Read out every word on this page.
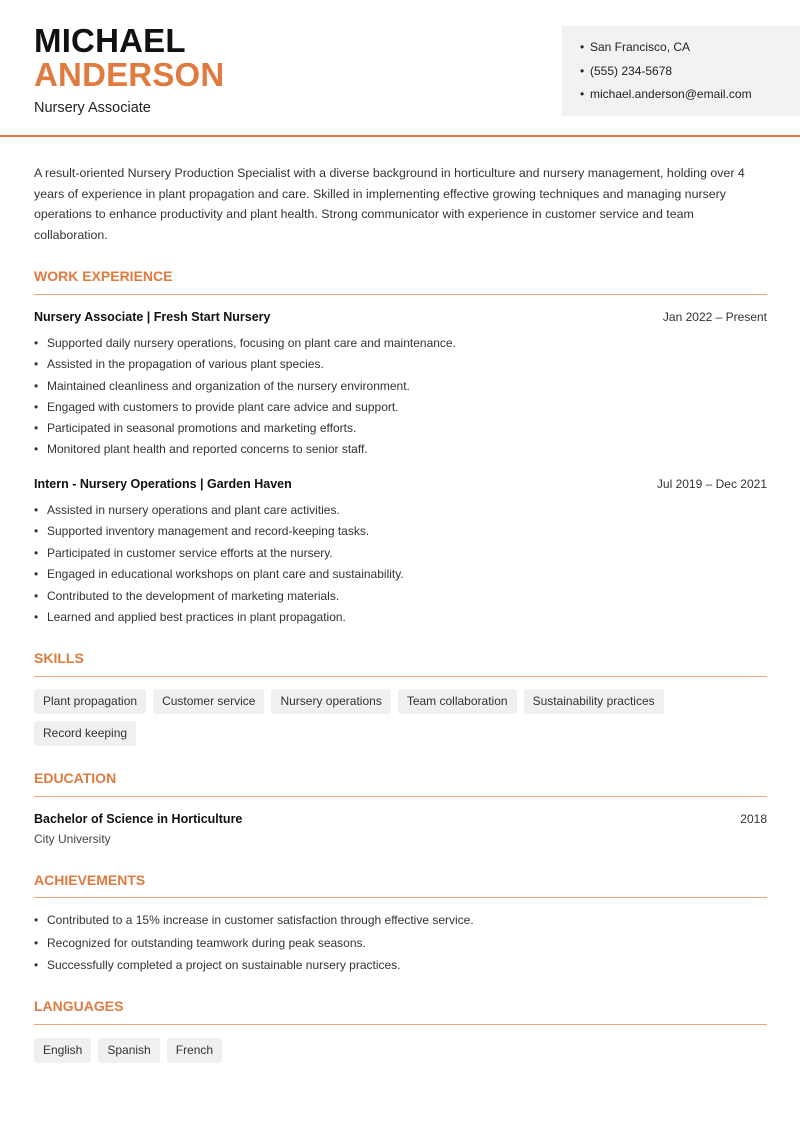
MICHAEL
ANDERSON
Nursery Associate
• San Francisco, CA
• (555) 234-5678
• michael.anderson@email.com

A result-oriented Nursery Production Specialist with a diverse background in horticulture and nursery management, holding over 4 years of experience in plant propagation and care. Skilled in implementing effective growing techniques and managing nursery operations to enhance productivity and plant health. Strong communicator with experience in customer service and team collaboration.

WORK EXPERIENCE
Nursery Associate | Fresh Start Nursery	Jan 2022 – Present
• Supported daily nursery operations, focusing on plant care and maintenance.
• Assisted in the propagation of various plant species.
• Maintained cleanliness and organization of the nursery environment.
• Engaged with customers to provide plant care advice and support.
• Participated in seasonal promotions and marketing efforts.
• Monitored plant health and reported concerns to senior staff.
Intern - Nursery Operations | Garden Haven	Jul 2019 – Dec 2021
• Assisted in nursery operations and plant care activities.
• Supported inventory management and record-keeping tasks.
• Participated in customer service efforts at the nursery.
• Engaged in educational workshops on plant care and sustainability.
• Contributed to the development of marketing materials.
• Learned and applied best practices in plant propagation.
SKILLS
Plant propagation	Customer service	Nursery operations	Team collaboration	Sustainability practices
Record keeping
EDUCATION
Bachelor of Science in Horticulture	2018
City University
ACHIEVEMENTS
• Contributed to a 15% increase in customer satisfaction through effective service.
• Recognized for outstanding teamwork during peak seasons.
• Successfully completed a project on sustainable nursery practices.
LANGUAGES
English	Spanish	French
